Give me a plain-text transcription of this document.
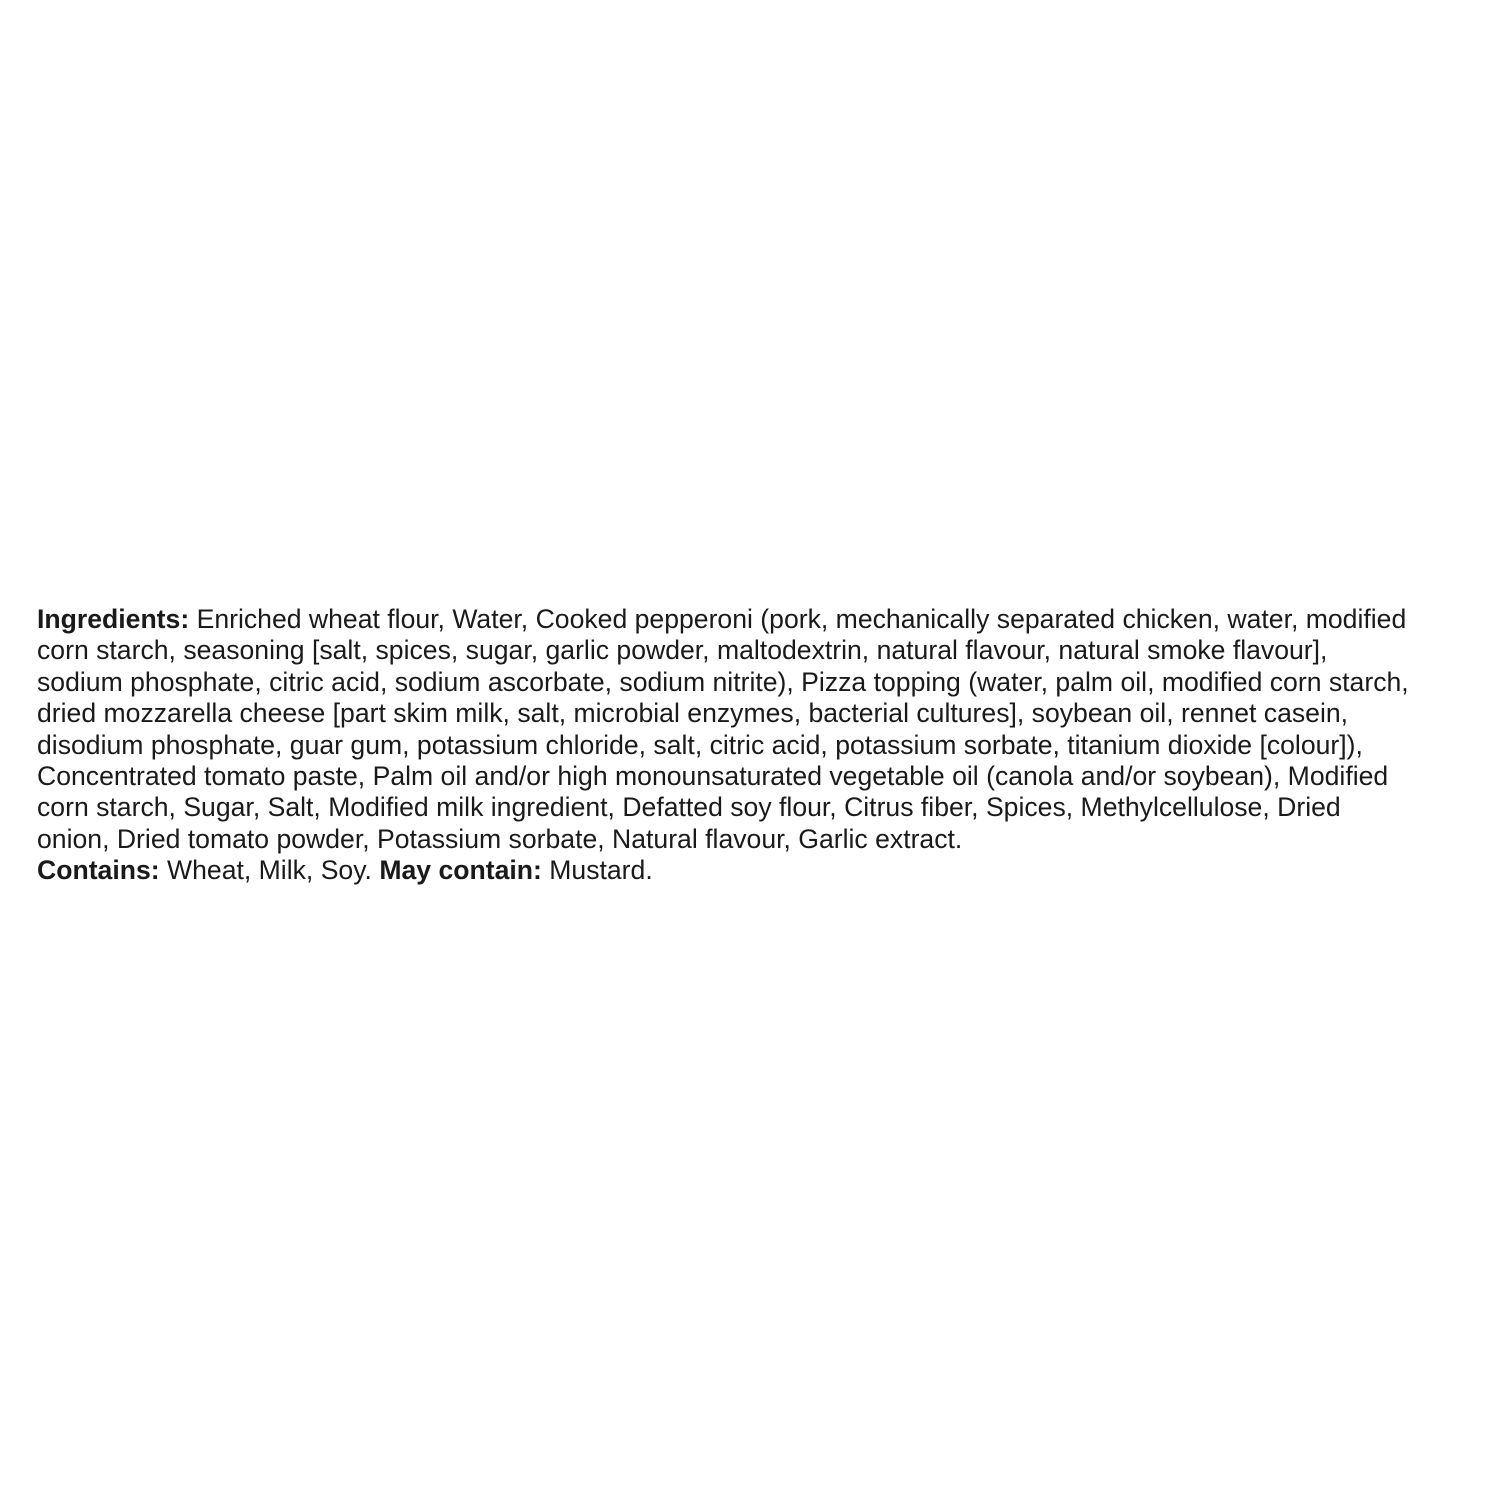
Ingredients: Enriched wheat flour, Water, Cooked pepperoni (pork, mechanically separated chicken, water, modified
corn starch, seasoning [salt, spices, sugar, garlic powder, maltodextrin, natural flavour, natural smoke flavour],
sodium phosphate, citric acid, sodium ascorbate, sodium nitrite), Pizza topping (water, palm oil, modified corn starch,
dried mozzarella cheese [part skim milk, salt, microbial enzymes, bacterial cultures], soybean oil, rennet casein,
disodium phosphate, guar gum, potassium chloride, salt, citric acid, potassium sorbate, titanium dioxide [colour]),
Concentrated tomato paste, Palm oil and/or high monounsaturated vegetable oil (canola and/or soybean), Modified
corn starch, Sugar, Salt, Modified milk ingredient, Defatted soy flour, Citrus fiber, Spices, Methylcellulose, Dried
onion, Dried tomato powder, Potassium sorbate, Natural flavour, Garlic extract.
Contains: Wheat, Milk, Soy. May contain: Mustard.
